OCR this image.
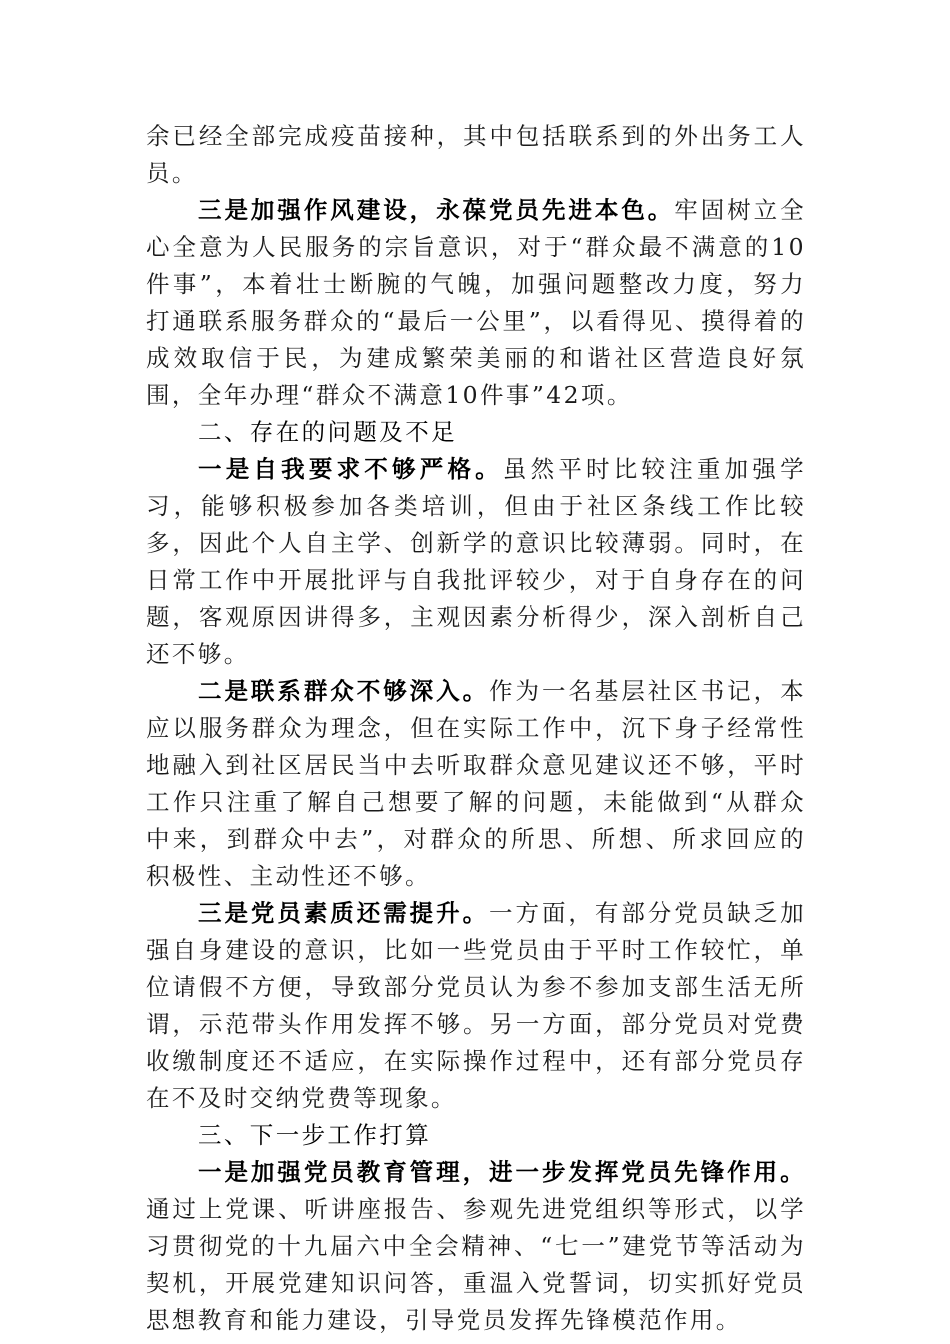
余已经全部完成疫苗接种，其中包括联系到的外出务工人员。

三是加强作风建设，永葆党员先进本色。牢固树立全心全意为人民服务的宗旨意识，对于“群众最不满意的10件事”，本着壮士断腕的气魄，加强问题整改力度，努力打通联系服务群众的“最后一公里”，以看得见、摸得着的成效取信于民，为建成繁荣美丽的和谐社区营造良好氛围，全年办理“群众不满意10件事”42项。

二、存在的问题及不足

一是自我要求不够严格。虽然平时比较注重加强学习，能够积极参加各类培训，但由于社区条线工作比较多，因此个人自主学、创新学的意识比较薄弱。同时，在日常工作中开展批评与自我批评较少，对于自身存在的问题，客观原因讲得多，主观因素分析得少，深入剖析自己还不够。

二是联系群众不够深入。作为一名基层社区书记，本应以服务群众为理念，但在实际工作中，沉下身子经常性地融入到社区居民当中去听取群众意见建议还不够，平时工作只注重了解自己想要了解的问题，未能做到“从群众中来，到群众中去”，对群众的所思、所想、所求回应的积极性、主动性还不够。

三是党员素质还需提升。一方面，有部分党员缺乏加强自身建设的意识，比如一些党员由于平时工作较忙，单位请假不方便，导致部分党员认为参不参加支部生活无所谓，示范带头作用发挥不够。另一方面，部分党员对党费收缴制度还不适应，在实际操作过程中，还有部分党员存在不及时交纳党费等现象。

三、下一步工作打算

一是加强党员教育管理，进一步发挥党员先锋作用。通过上党课、听讲座报告、参观先进党组织等形式，以学习贯彻党的十九届六中全会精神、“七一”建党节等活动为契机，开展党建知识问答，重温入党誓词，切实抓好党员思想教育和能力建设，引导党员发挥先锋模范作用。
